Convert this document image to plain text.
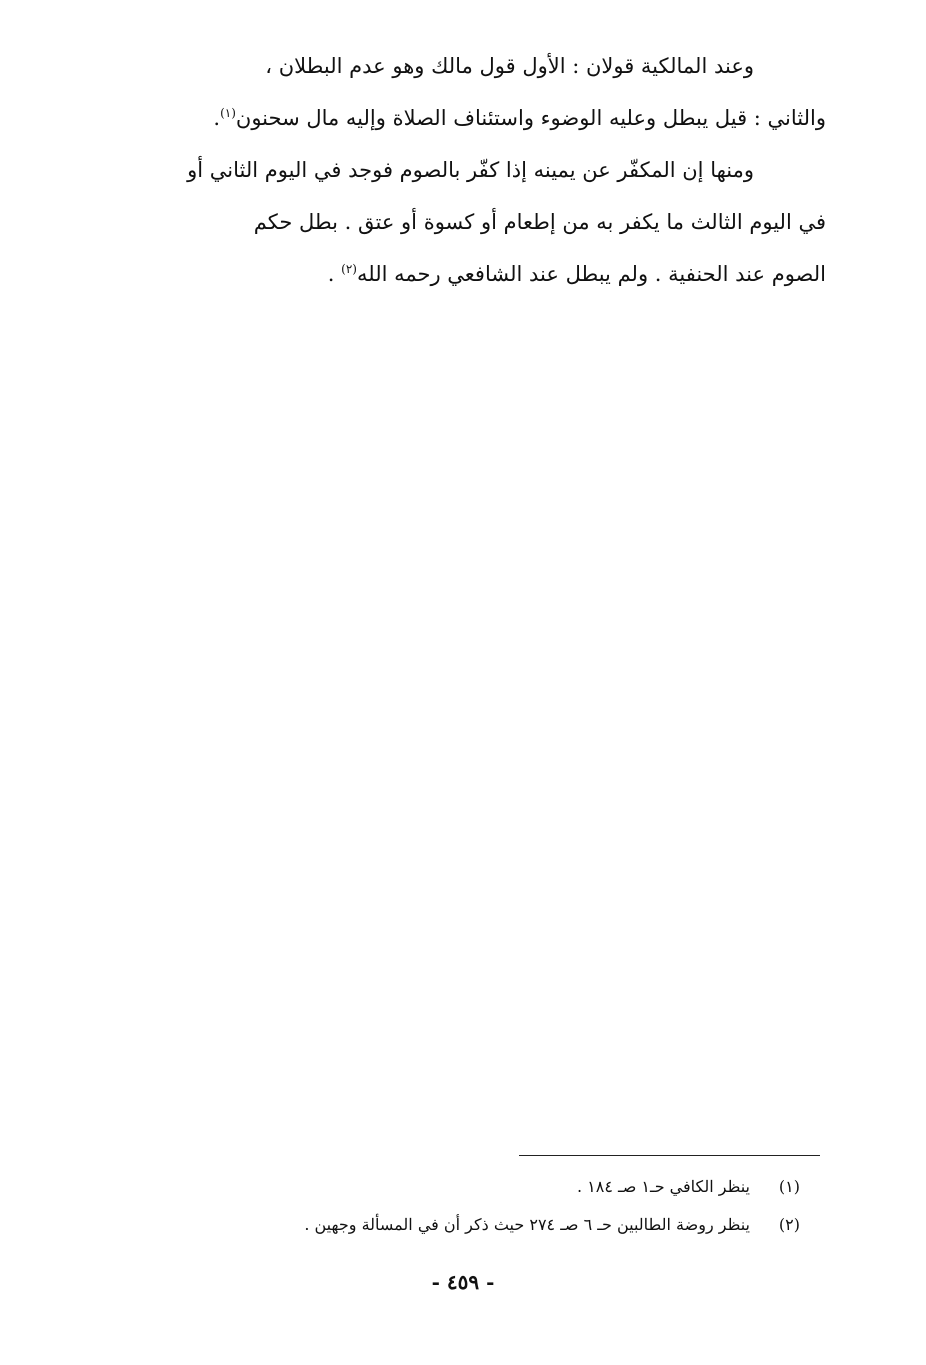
وعند المالكية قولان : الأول قول مالك وهو عدم البطلان ،
والثاني : قيل يبطل وعليه الوضوء واستئناف الصلاة وإليه مال سحنون$^{(١)}$.
ومنها إن المكفّر عن يمينه إذا كفّر بالصوم فوجد في اليوم الثاني أو
في اليوم الثالث ما يكفر به من إطعام أو كسوة أو عتق . بطل حكم
الصوم عند الحنفية . ولم يبطل عند الشافعي رحمه الله$^{(٢)}$ .
(١)ينظر الكافي حـ١ صـ ١٨٤ .
(٢)ينظر روضة الطالبين حـ ٦ صـ ٢٧٤ حيث ذكر أن في المسألة وجهين .
- ٤٥٩ -
